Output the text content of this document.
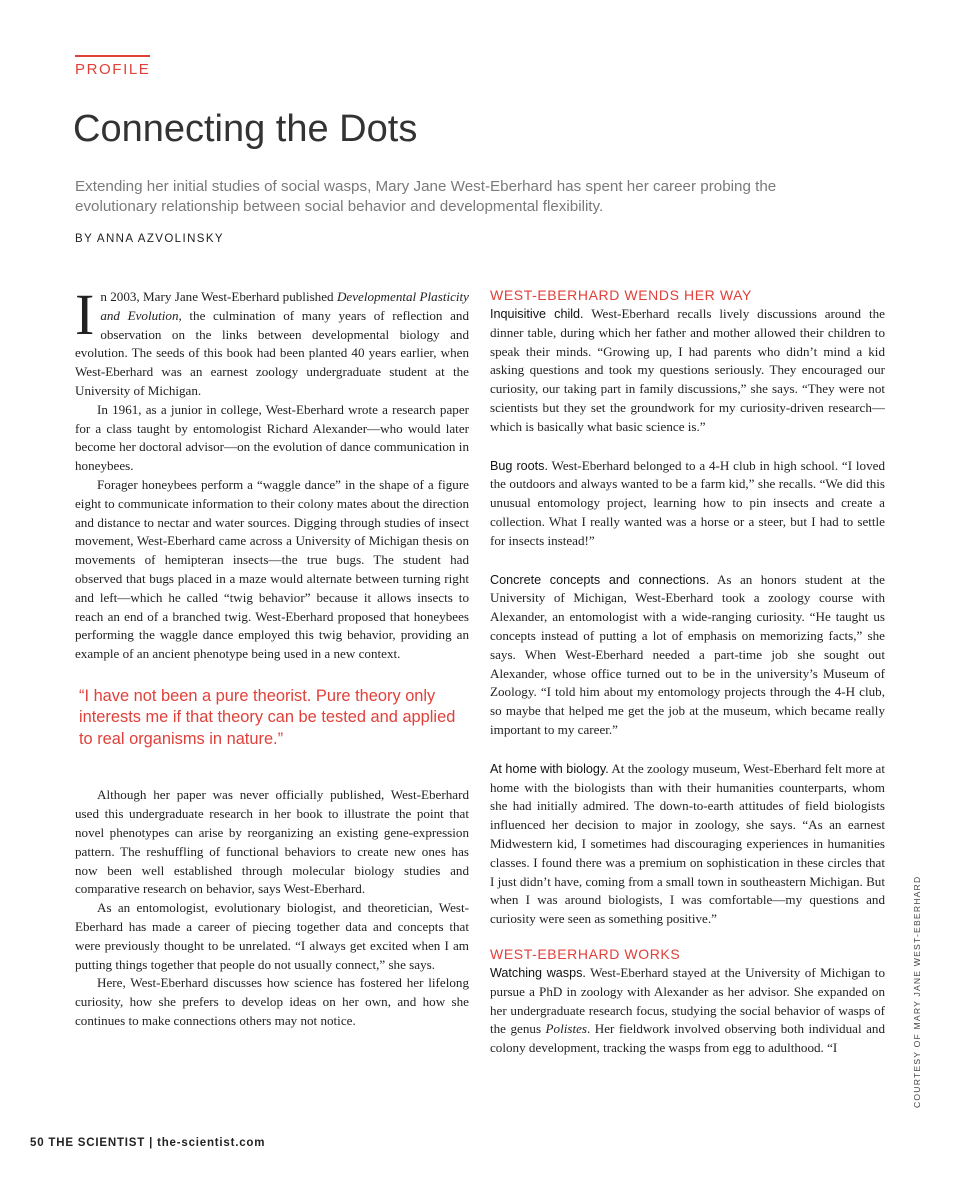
PROFILE
Connecting the Dots
Extending her initial studies of social wasps, Mary Jane West-Eberhard has spent her career probing the evolutionary relationship between social behavior and developmental flexibility.
BY ANNA AZVOLINSKY

In 2003, Mary Jane West-Eberhard published Developmental Plasticity and Evolution, the culmination of many years of reflection and observation on the links between developmental biology and evolution. The seeds of this book had been planted 40 years earlier, when West-Eberhard was an earnest zoology undergraduate student at the University of Michigan.

In 1961, as a junior in college, West-Eberhard wrote a research paper for a class taught by entomologist Richard Alexander—who would later become her doctoral advisor—on the evolution of dance communication in honeybees.

Forager honeybees perform a “waggle dance” in the shape of a figure eight to communicate information to their colony mates about the direction and distance to nectar and water sources. Digging through studies of insect movement, West-Eberhard came across a University of Michigan thesis on movements of hemipteran insects—the true bugs. The student had observed that bugs placed in a maze would alternate between turning right and left—which he called “twig behavior” because it allows insects to reach an end of a branched twig. West-Eberhard proposed that honeybees performing the waggle dance employed this twig behavior, providing an example of an ancient phenotype being used in a new context.

“I have not been a pure theorist. Pure theory only interests me if that theory can be tested and applied to real organisms in nature.”

Although her paper was never officially published, West-Eberhard used this undergraduate research in her book to illustrate the point that novel phenotypes can arise by reorganizing an existing gene-expression pattern. The reshuffling of functional behaviors to create new ones has now been well established through molecular biology studies and comparative research on behavior, says West-Eberhard.

As an entomologist, evolutionary biologist, and theoretician, West-Eberhard has made a career of piecing together data and concepts that were previously thought to be unrelated. “I always get excited when I am putting things together that people do not usually connect,” she says.

Here, West-Eberhard discusses how science has fostered her lifelong curiosity, how she prefers to develop ideas on her own, and how she continues to make connections others may not notice.

WEST-EBERHARD WENDS HER WAY

Inquisitive child. West-Eberhard recalls lively discussions around the dinner table, during which her father and mother allowed their children to speak their minds. “Growing up, I had parents who didn’t mind a kid asking questions and took my questions seriously. They encouraged our curiosity, our taking part in family discussions,” she says. “They were not scientists but they set the groundwork for my curiosity-driven research—which is basically what basic science is.”

Bug roots. West-Eberhard belonged to a 4-H club in high school. “I loved the outdoors and always wanted to be a farm kid,” she recalls. “We did this unusual entomology project, learning how to pin insects and create a collection. What I really wanted was a horse or a steer, but I had to settle for insects instead!”

Concrete concepts and connections. As an honors student at the University of Michigan, West-Eberhard took a zoology course with Alexander, an entomologist with a wide-ranging curiosity. “He taught us concepts instead of putting a lot of emphasis on memorizing facts,” she says. When West-Eberhard needed a part-time job she sought out Alexander, whose office turned out to be in the university’s Museum of Zoology. “I told him about my entomology projects through the 4-H club, so maybe that helped me get the job at the museum, which became really important to my career.”

At home with biology. At the zoology museum, West-Eberhard felt more at home with the biologists than with their humanities counterparts, whom she had initially admired. The down-to-earth attitudes of field biologists influenced her decision to major in zoology, she says. “As an earnest Midwestern kid, I sometimes had discouraging experiences in humanities classes. I found there was a premium on sophistication in these circles that I just didn’t have, coming from a small town in southeastern Michigan. But when I was around biologists, I was comfortable—my questions and curiosity were seen as something positive.”

WEST-EBERHARD WORKS

Watching wasps. West-Eberhard stayed at the University of Michigan to pursue a PhD in zoology with Alexander as her advisor. She expanded on her undergraduate research focus, studying the social behavior of wasps of the genus Polistes. Her fieldwork involved observing both individual and colony development, tracking the wasps from egg to adulthood. “I

50 THE SCIENTIST | the-scientist.com
COURTESY OF MARY JANE WEST-EBERHARD
